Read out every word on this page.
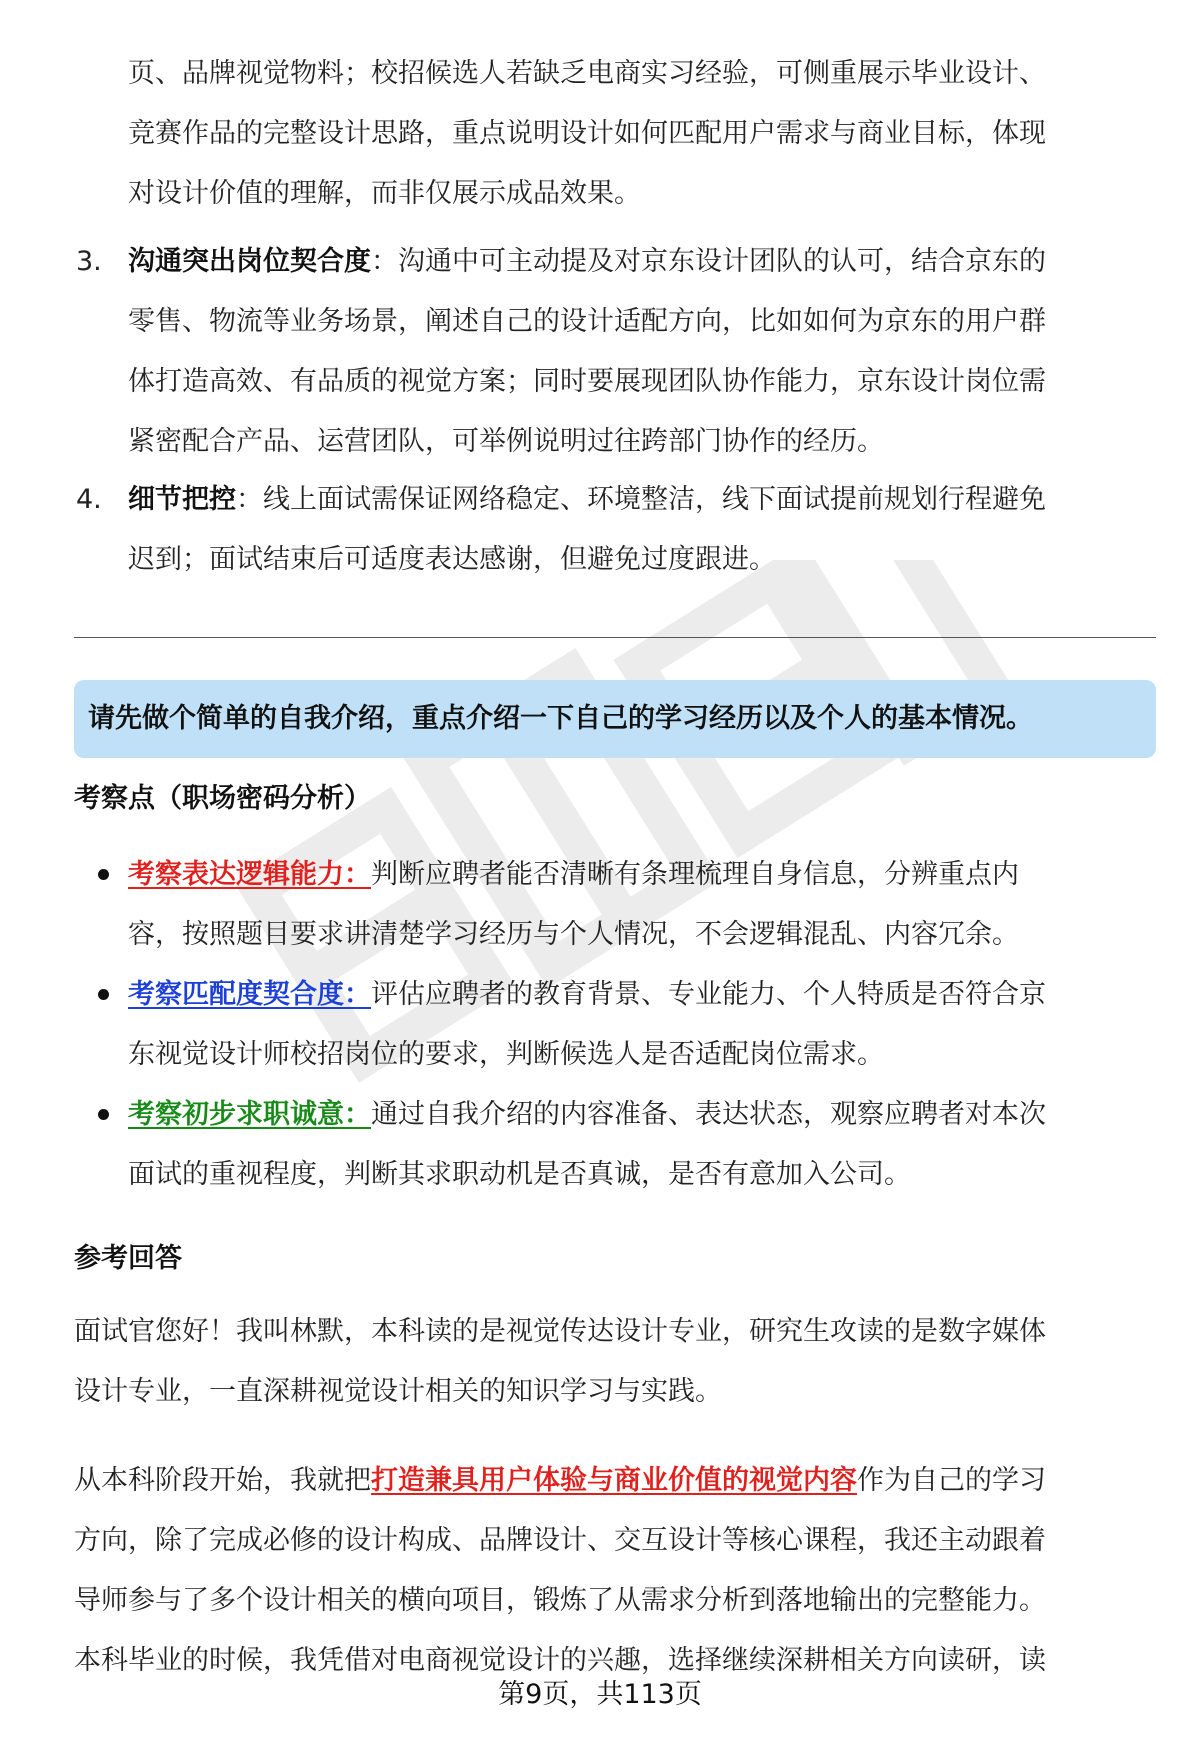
页、品牌视觉物料；校招候选人若缺乏电商实习经验，可侧重展示毕业设计、
竞赛作品的完整设计思路，重点说明设计如何匹配用户需求与商业目标，体现
对设计价值的理解，而非仅展示成品效果。
3. 沟通突出岗位契合度：沟通中可主动提及对京东设计团队的认可，结合京东的
零售、物流等业务场景，阐述自己的设计适配方向，比如如何为京东的用户群
体打造高效、有品质的视觉方案；同时要展现团队协作能力，京东设计岗位需
紧密配合产品、运营团队，可举例说明过往跨部门协作的经历。
4. 细节把控：线上面试需保证网络稳定、环境整洁，线下面试提前规划行程避免
迟到；面试结束后可适度表达感谢，但避免过度跟进。
请先做个简单的自我介绍，重点介绍一下自己的学习经历以及个人的基本情况。
考察点（职场密码分析）
考察表达逻辑能力：判断应聘者能否清晰有条理梳理自身信息，分辨重点内
容，按照题目要求讲清楚学习经历与个人情况，不会逻辑混乱、内容冗余。
考察匹配度契合度：评估应聘者的教育背景、专业能力、个人特质是否符合京
东视觉设计师校招岗位的要求，判断候选人是否适配岗位需求。
考察初步求职诚意：通过自我介绍的内容准备、表达状态，观察应聘者对本次
面试的重视程度，判断其求职动机是否真诚，是否有意加入公司。
参考回答
面试官您好！我叫林默，本科读的是视觉传达设计专业，研究生攻读的是数字媒体
设计专业，一直深耕视觉设计相关的知识学习与实践。
从本科阶段开始，我就把打造兼具用户体验与商业价值的视觉内容作为自己的学习
方向，除了完成必修的设计构成、品牌设计、交互设计等核心课程，我还主动跟着
导师参与了多个设计相关的横向项目，锻炼了从需求分析到落地输出的完整能力。
本科毕业的时候，我凭借对电商视觉设计的兴趣，选择继续深耕相关方向读研，读
第9页，共113页
